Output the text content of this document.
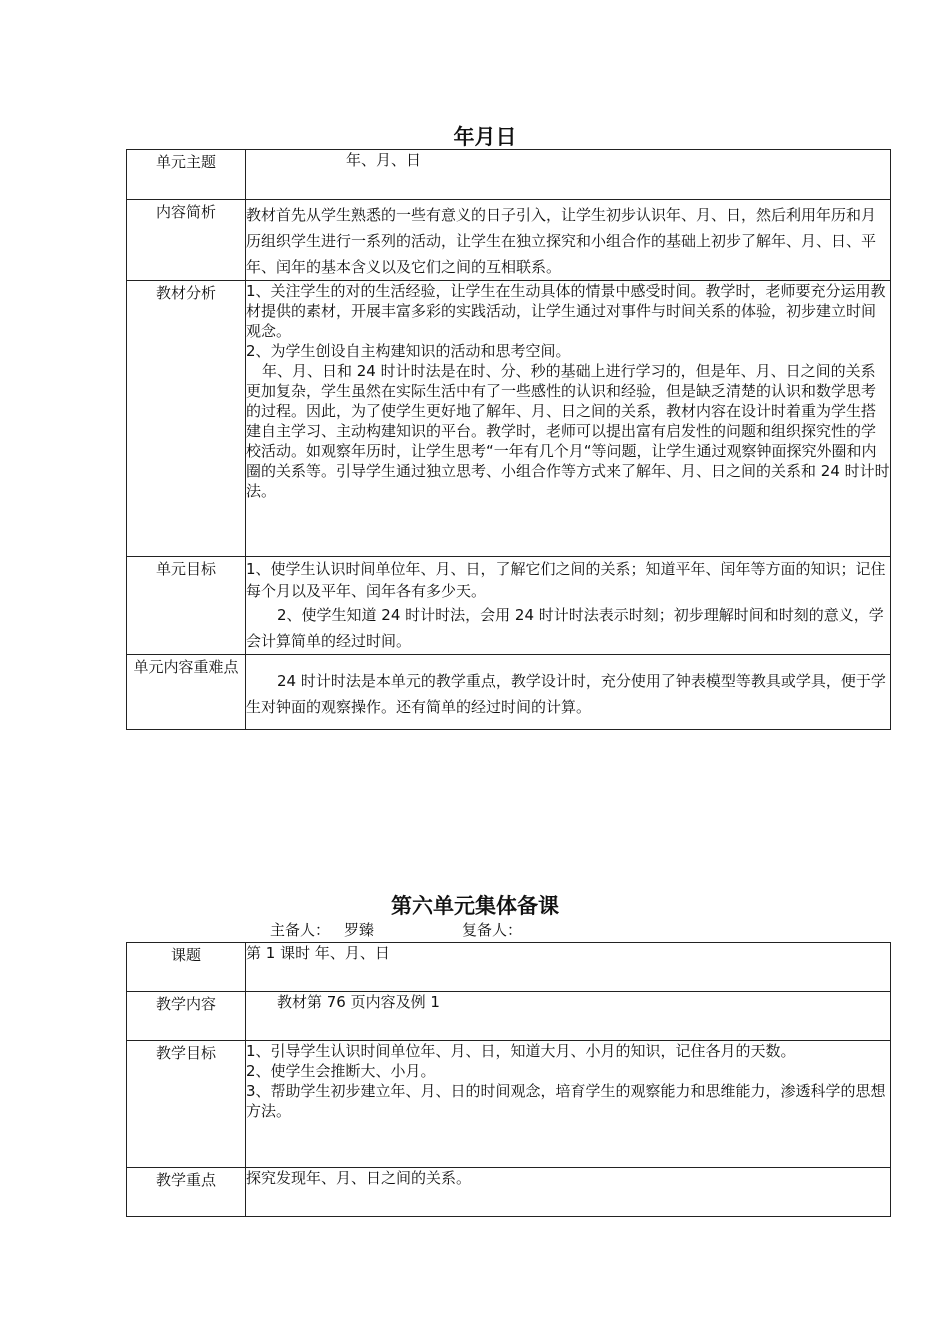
年月日
单元主题	年、月、日

内容简析	教材首先从学生熟悉的一些有意义的日子引入，让学生初步认识年、月、日，然后利用年历和月历组织学生进行一系列的活动，让学生在独立探究和小组合作的基础上初步了解年、月、日、平年、闰年的基本含义以及它们之间的互相联系。

教材分析	1、关注学生的对的生活经验，让学生在生动具体的情景中感受时间。教学时，老师要充分运用教材提供的素材，开展丰富多彩的实践活动，让学生通过对事件与时间关系的体验，初步建立时间观念。

2、为学生创设自主构建知识的活动和思考空间。

年、月、日和 24 时计时法是在时、分、秒的基础上进行学习的，但是年、月、日之间的关系更加复杂，学生虽然在实际生活中有了一些感性的认识和经验，但是缺乏清楚的认识和数学思考的过程。因此，为了使学生更好地了解年、月、日之间的关系，教材内容在设计时着重为学生搭建自主学习、主动构建知识的平台。教学时，老师可以提出富有启发性的问题和组织探究性的学校活动。如观察年历时，让学生思考“一年有几个月“等问题，让学生通过观察钟面探究外圈和内圈的关系等。引导学生通过独立思考、小组合作等方式来了解年、月、日之间的关系和 24 时计时法。

单元目标	1、使学生认识时间单位年、月、日，了解它们之间的关系；知道平年、闰年等方面的知识；记住每个月以及平年、闰年各有多少天。

2、使学生知道 24 时计时法，会用 24 时计时法表示时刻；初步理解时间和时刻的意义，学会计算简单的经过时间。

单元内容重难点	24 时计时法是本单元的教学重点，教学设计时，充分使用了钟表模型等教具或学具，便于学生对钟面的观察操作。还有简单的经过时间的计算。

第六单元集体备课
主备人： 罗臻	复备人：
课题	第 1 课时 年、月、日

教学内容	教材第 76 页内容及例 1

教学目标	1、引导学生认识时间单位年、月、日，知道大月、小月的知识，记住各月的天数。

2、使学生会推断大、小月。

3、帮助学生初步建立年、月、日的时间观念，培育学生的观察能力和思维能力，渗透科学的思想方法。

教学重点	探究发现年、月、日之间的关系。
